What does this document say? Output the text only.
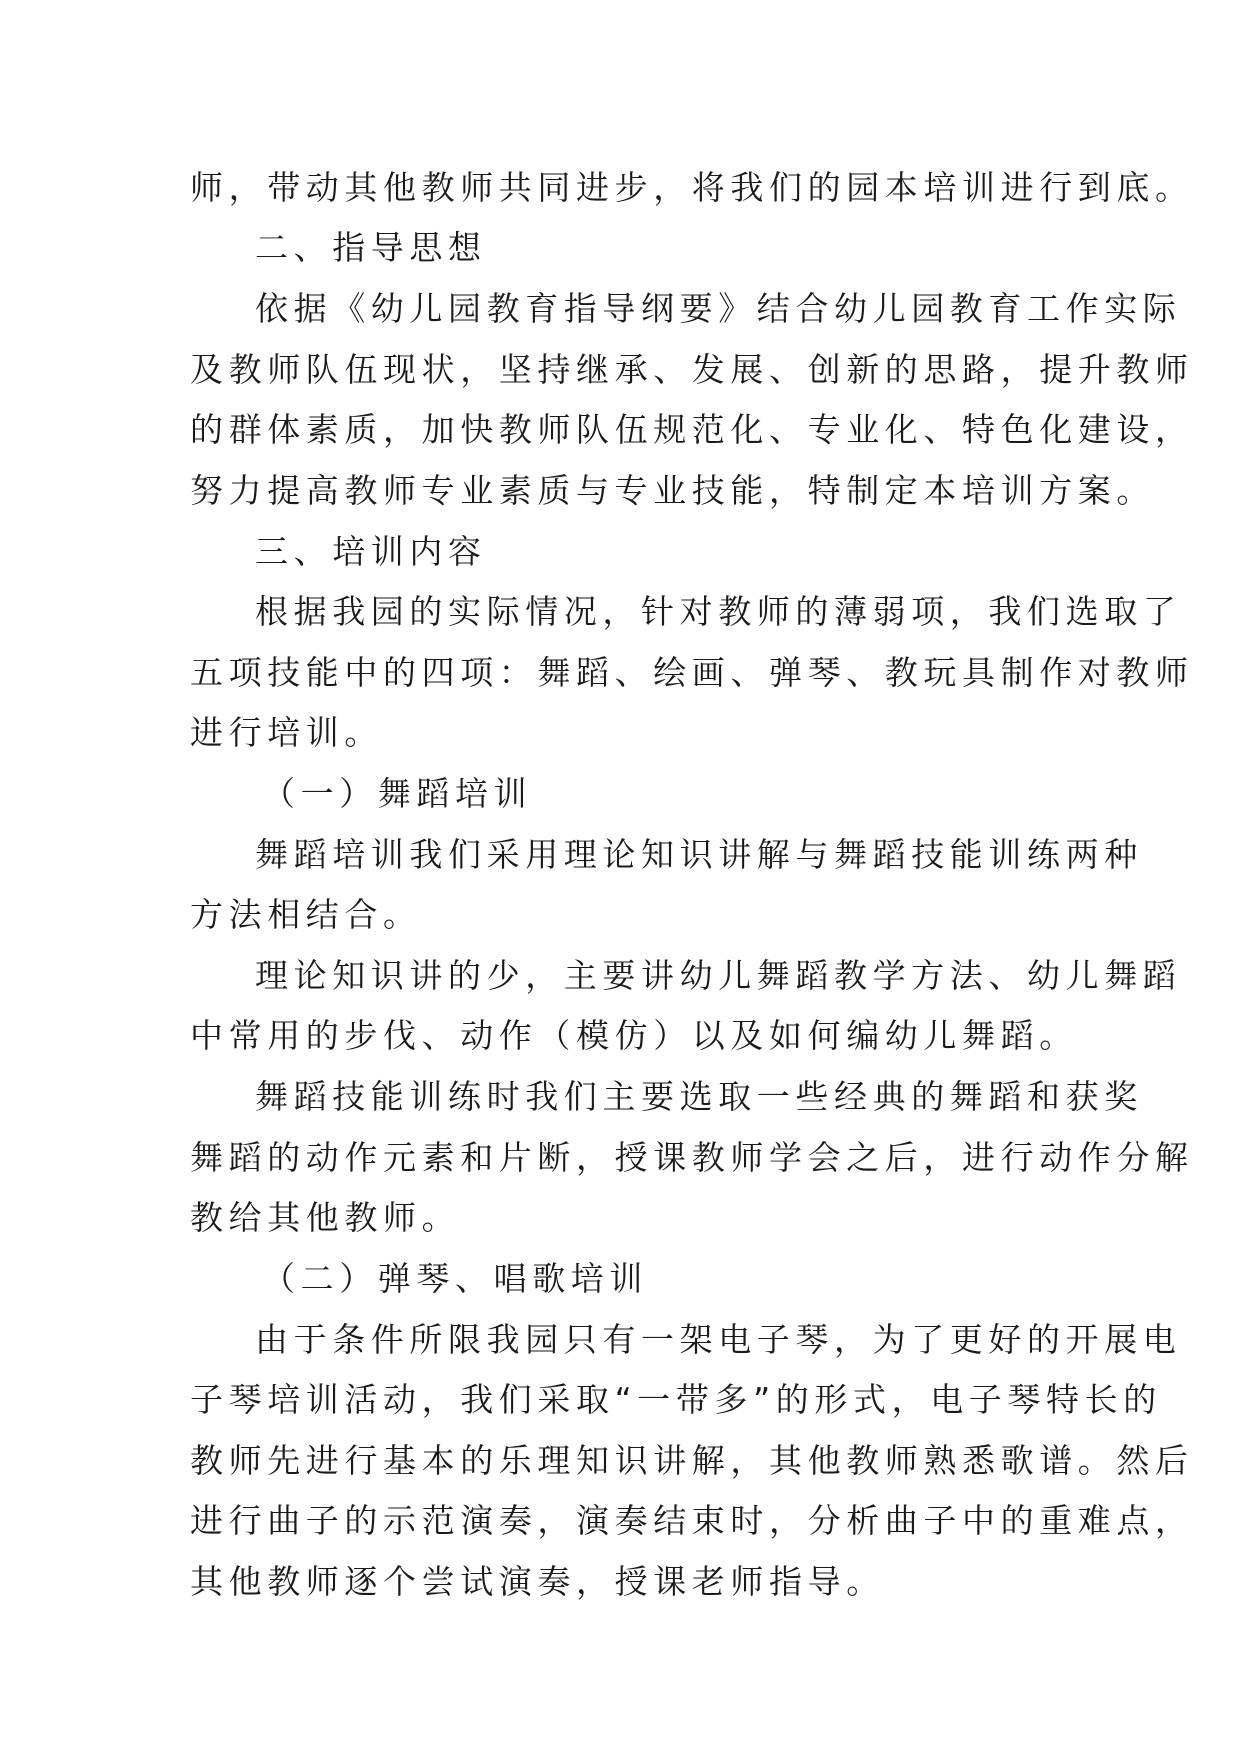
师，带动其他教师共同进步，将我们的园本培训进行到底。
二、指导思想
依据《幼儿园教育指导纲要》结合幼儿园教育工作实际
及教师队伍现状，坚持继承、发展、创新的思路，提升教师
的群体素质，加快教师队伍规范化、专业化、特色化建设，
努力提高教师专业素质与专业技能，特制定本培训方案。
三、培训内容
根据我园的实际情况，针对教师的薄弱项，我们选取了
五项技能中的四项：舞蹈、绘画、弹琴、教玩具制作对教师
进行培训。
（一）舞蹈培训
舞蹈培训我们采用理论知识讲解与舞蹈技能训练两种
方法相结合。
理论知识讲的少，主要讲幼儿舞蹈教学方法、幼儿舞蹈
中常用的步伐、动作（模仿）以及如何编幼儿舞蹈。
舞蹈技能训练时我们主要选取一些经典的舞蹈和获奖
舞蹈的动作元素和片断，授课教师学会之后，进行动作分解
教给其他教师。
（二）弹琴、唱歌培训
由于条件所限我园只有一架电子琴，为了更好的开展电
子琴培训活动，我们采取“一带多”的形式，电子琴特长的
教师先进行基本的乐理知识讲解，其他教师熟悉歌谱。然后
进行曲子的示范演奏，演奏结束时，分析曲子中的重难点，
其他教师逐个尝试演奏，授课老师指导。
